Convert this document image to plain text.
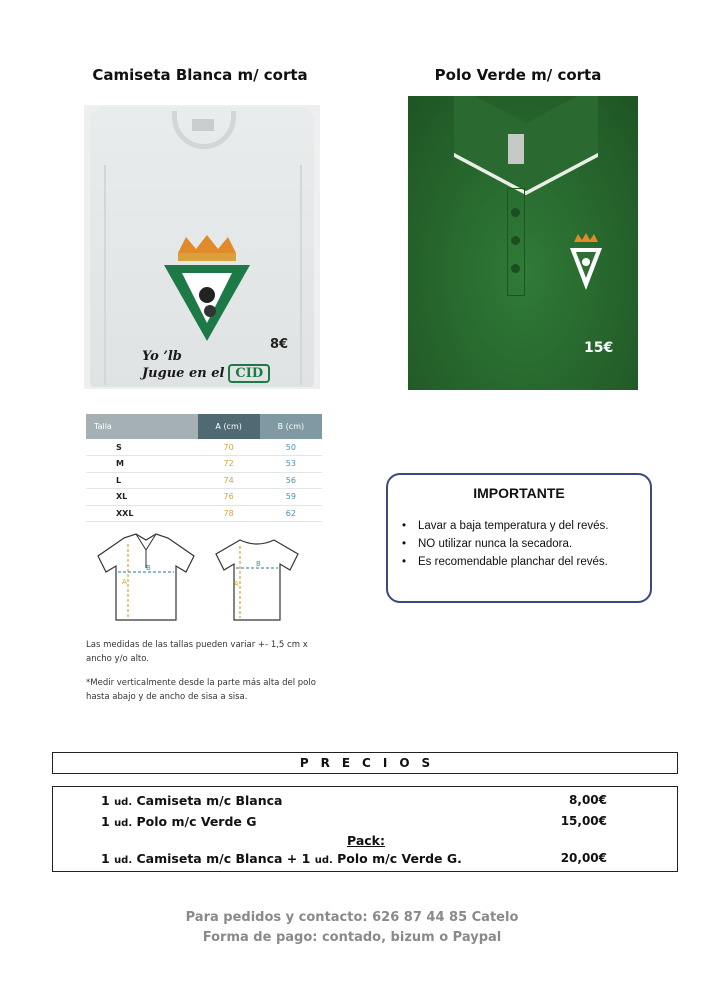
Camiseta Blanca m/ corta	Polo Verde m/ corta
8€
Yo ’lb
Jugue en el CID
15€
Talla	A (cm)	B (cm)
S	70	50
M	72	53
L	74	56
XL	76	59
XXL	78	62
A
B
A
B
Las medidas de las tallas pueden variar +- 1,5 cm x ancho y/o alto.
*Medir verticalmente desde la parte más alta del polo hasta abajo y de ancho de sisa a sisa.
IMPORTANTE
• Lavar a baja temperatura y del revés.
• NO utilizar nunca la secadora.
• Es recomendable planchar del revés.
PRECIOS
1 ud. Camiseta m/c Blanca	8,00€
1 ud. Polo m/c Verde G	15,00€
Pack:
1 ud. Camiseta m/c Blanca + 1 ud. Polo m/c Verde G.	20,00€
Para pedidos y contacto: 626 87 44 85 Catelo
Forma de pago: contado, bizum o Paypal
